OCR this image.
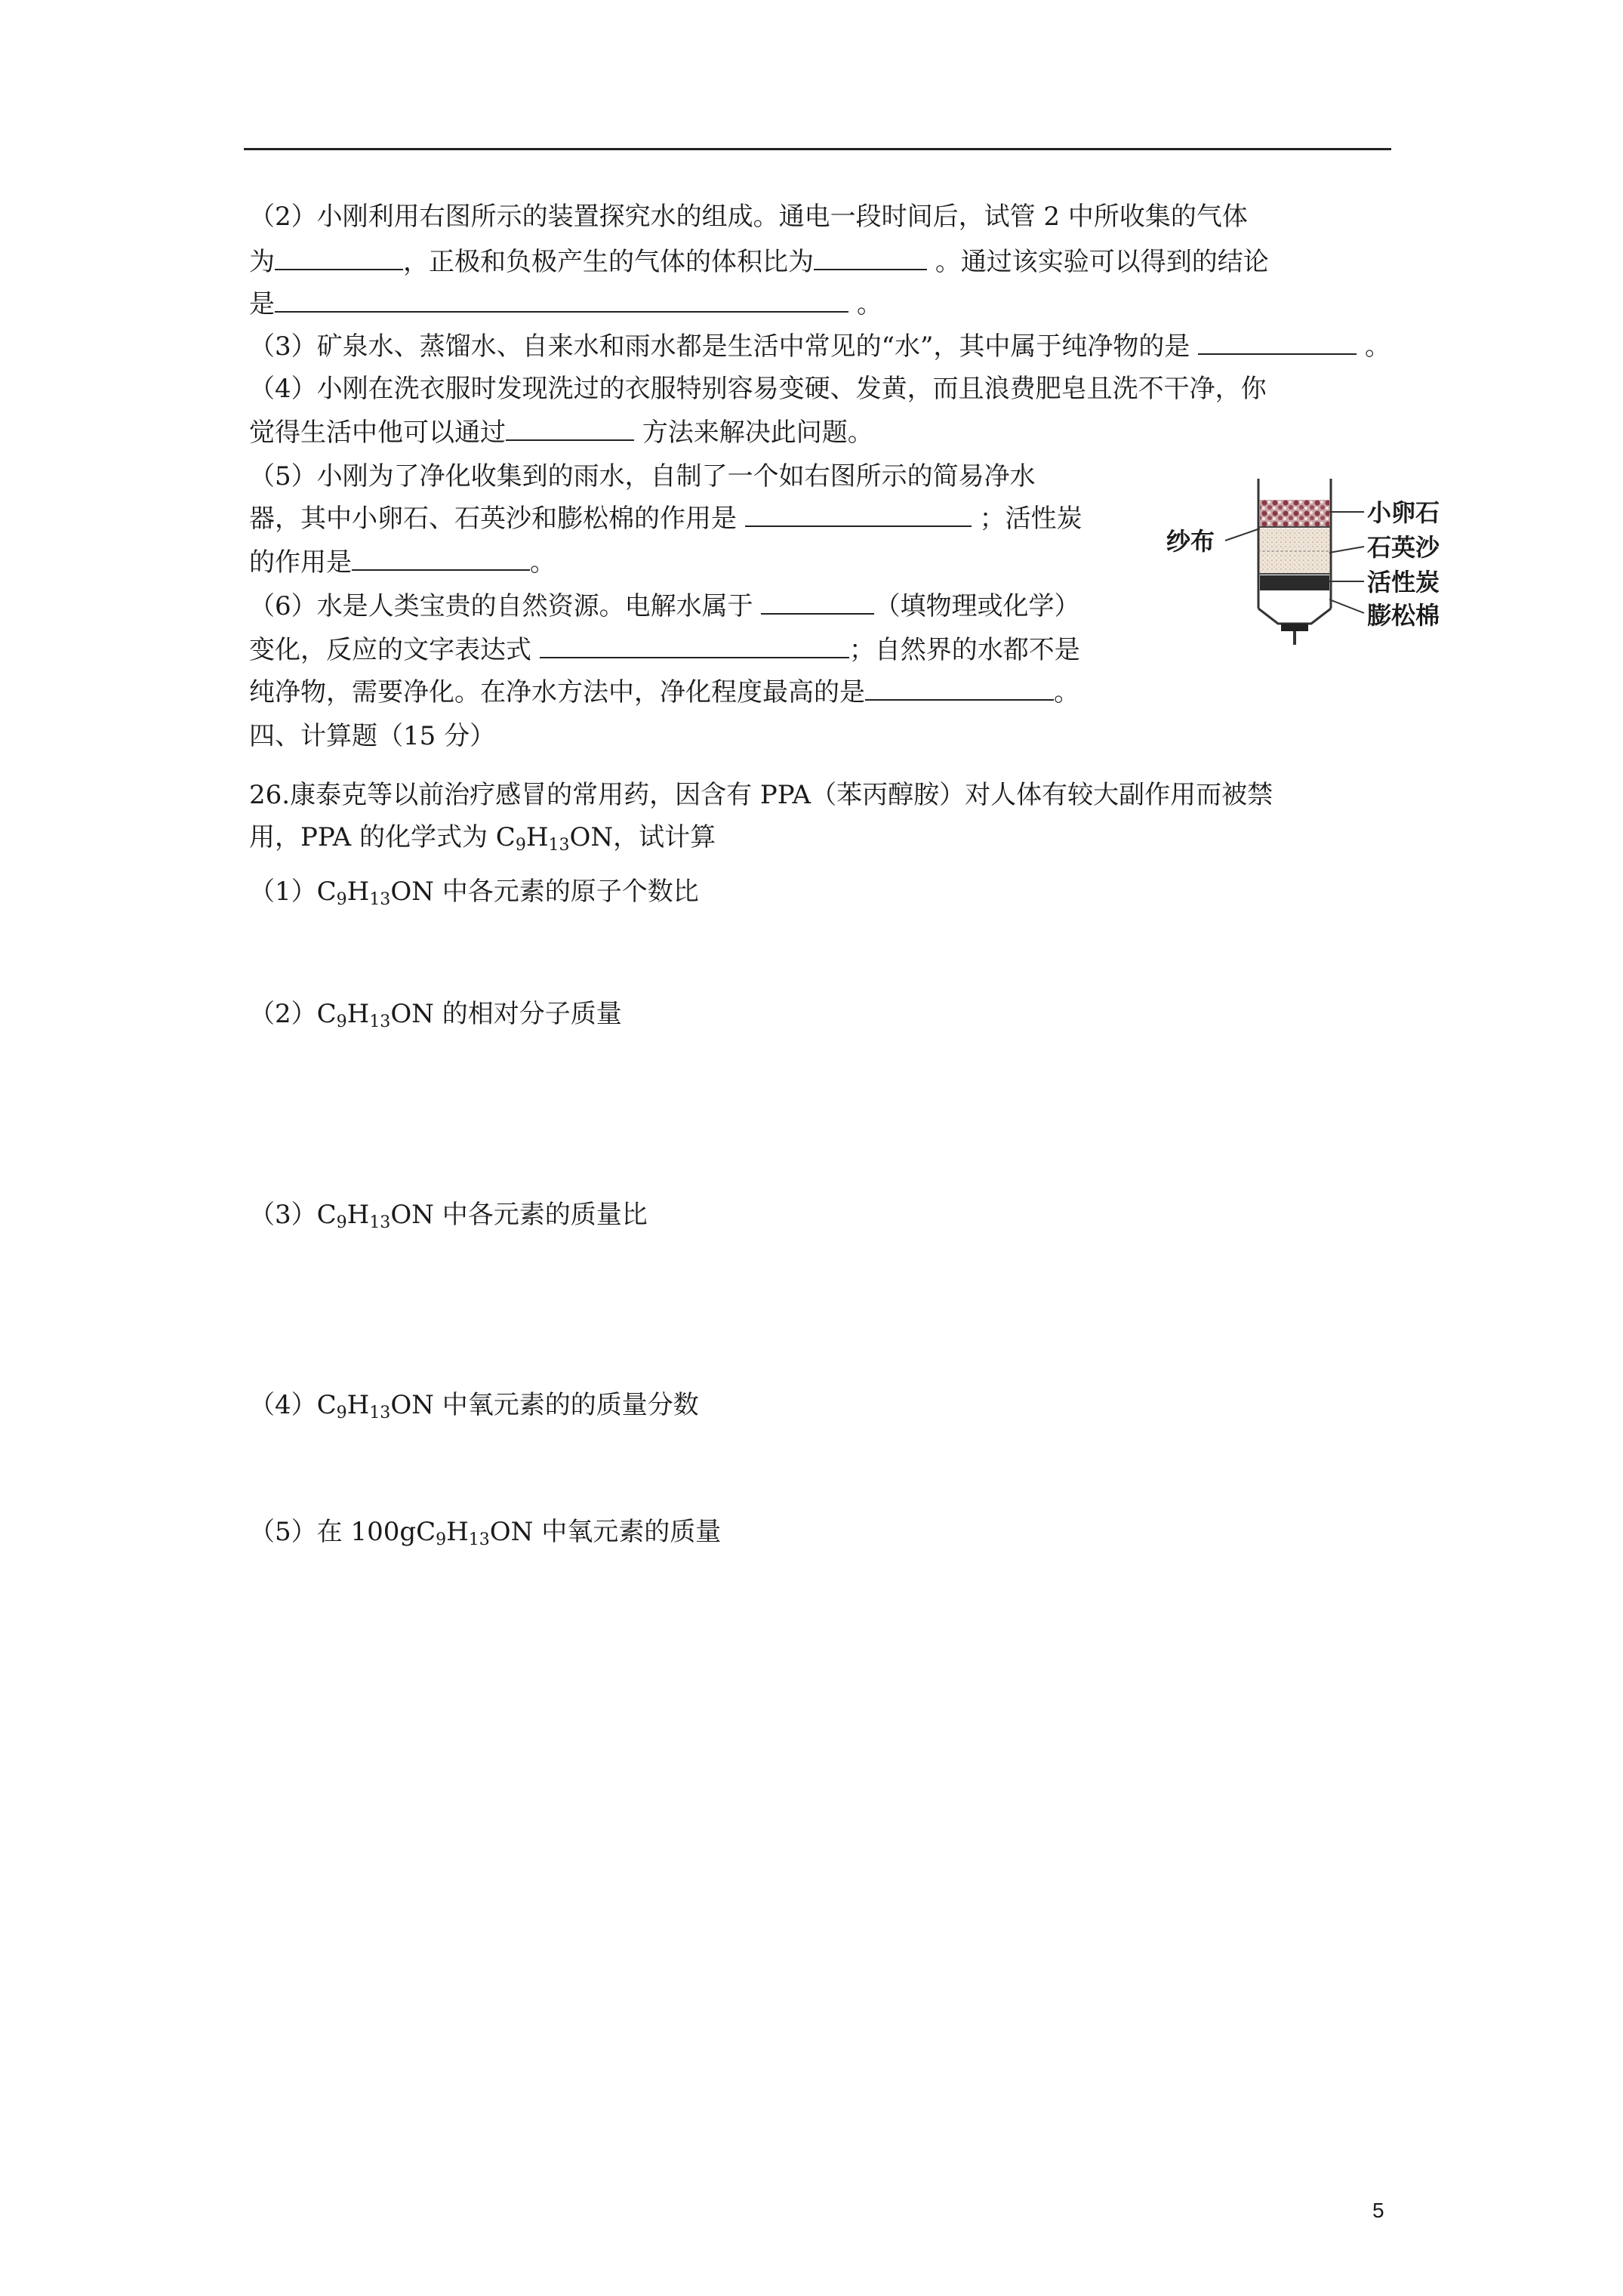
（2）小刚利用右图所示的装置探究水的组成。通电一段时间后，试管 2 中所收集的气体
为	，正极和负极产生的气体的体积比为	。通过该实验可以得到的结论
是	。
（3）矿泉水、蒸馏水、自来水和雨水都是生活中常见的“水”，其中属于纯净物的是	。
（4）小刚在洗衣服时发现洗过的衣服特别容易变硬、发黄，而且浪费肥皂且洗不干净，你
觉得生活中他可以通过	方法来解决此问题。
（5）小刚为了净化收集到的雨水，自制了一个如右图所示的简易净水
器，其中小卵石、石英沙和膨松棉的作用是	；活性炭
的作用是	。
（6）水是人类宝贵的自然资源。电解水属于	（填物理或化学）
变化，反应的文字表达式	；自然界的水都不是
纯净物，需要净化。在净水方法中，净化程度最高的是	。
纱布
小卵石
石英沙
活性炭
膨松棉
四、计算题（15 分）
26.康泰克等以前治疗感冒的常用药，因含有 PPA（苯丙醇胺）对人体有较大副作用而被禁
用，PPA 的化学式为 $C_9H_{13}ON$，试计算
$(1)C_9H_{13}ON$ 中各元素的原子个数比
$(2)C_9H_{13}ON$ 的相对分子质量
$(3)C_9H_{13}ON$ 中各元素的质量比
$(4)C_9H_{13}ON$ 中氧元素的的质量分数
（5）在 $100gC_9H_{13}ON$ 中氧元素的质量
5
